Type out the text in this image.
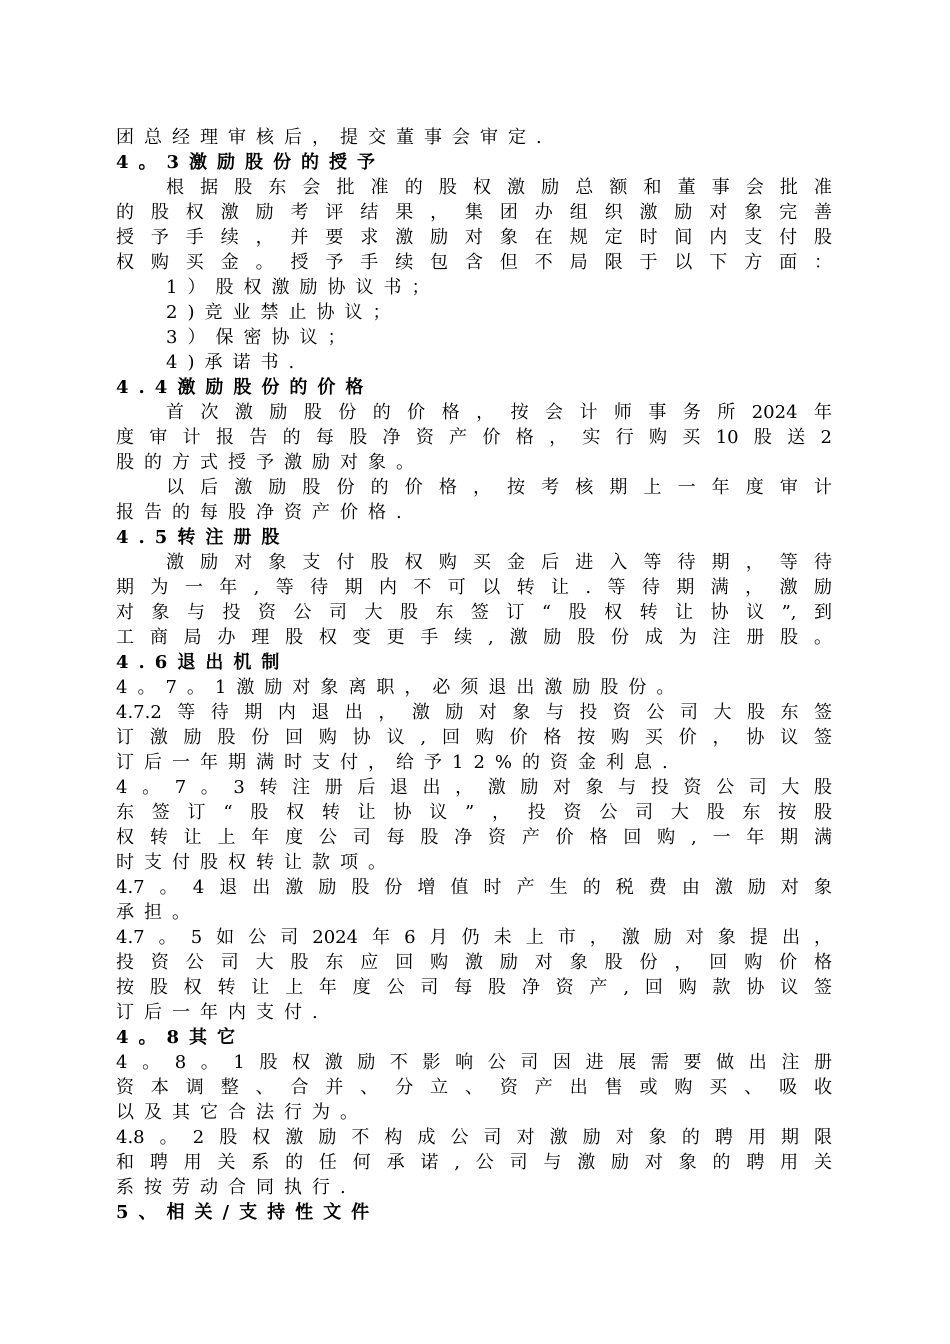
团总经理审核后，提交董事会审定.
4。3激励股份的授予
根据股东会批准的股权激励总额和董事会批准
的股权激励考评结果，集团办组织激励对象完善
授予手续，并要求激励对象在规定时间内支付股
权购买金。授予手续包含但不局限于以下方面：
1）股权激励协议书；
2)竞业禁止协议；
3）保密协议；
4)承诺书.
4.4激励股份的价格
首次激励股份的价格，按会计师事务所2024年
度审计报告的每股净资产价格，实行购买10股送2
股的方式授予激励对象。
以后激励股份的价格，按考核期上一年度审计
报告的每股净资产价格.
4.5转注册股
激励对象支付股权购买金后进入等待期，等待
期为一年,等待期内不可以转让.等待期满，激励
对象与投资公司大股东签订“股权转让协议”,到
工商局办理股权变更手续,激励股份成为注册股。
4.6退出机制
4。7。1激励对象离职，必须退出激励股份。
4.7.2等待期内退出，激励对象与投资公司大股东签
订激励股份回购协议,回购价格按购买价，协议签
订后一年期满时支付，给予12%的资金利息.
4。7。3转注册后退出，激励对象与投资公司大股
东签订“股权转让协议”，投资公司大股东按股
权转让上年度公司每股净资产价格回购,一年期满
时支付股权转让款项。
4.7。4退出激励股份增值时产生的税费由激励对象
承担。
4.7。5如公司2024年6月仍未上市，激励对象提出，
投资公司大股东应回购激励对象股份，回购价格
按股权转让上年度公司每股净资产,回购款协议签
订后一年内支付.
4。8其它
4。8。1股权激励不影响公司因进展需要做出注册
资本调整、合并、分立、资产出售或购买、吸收
以及其它合法行为。
4.8。2股权激励不构成公司对激励对象的聘用期限
和聘用关系的任何承诺,公司与激励对象的聘用关
系按劳动合同执行.
5、相关/支持性文件
